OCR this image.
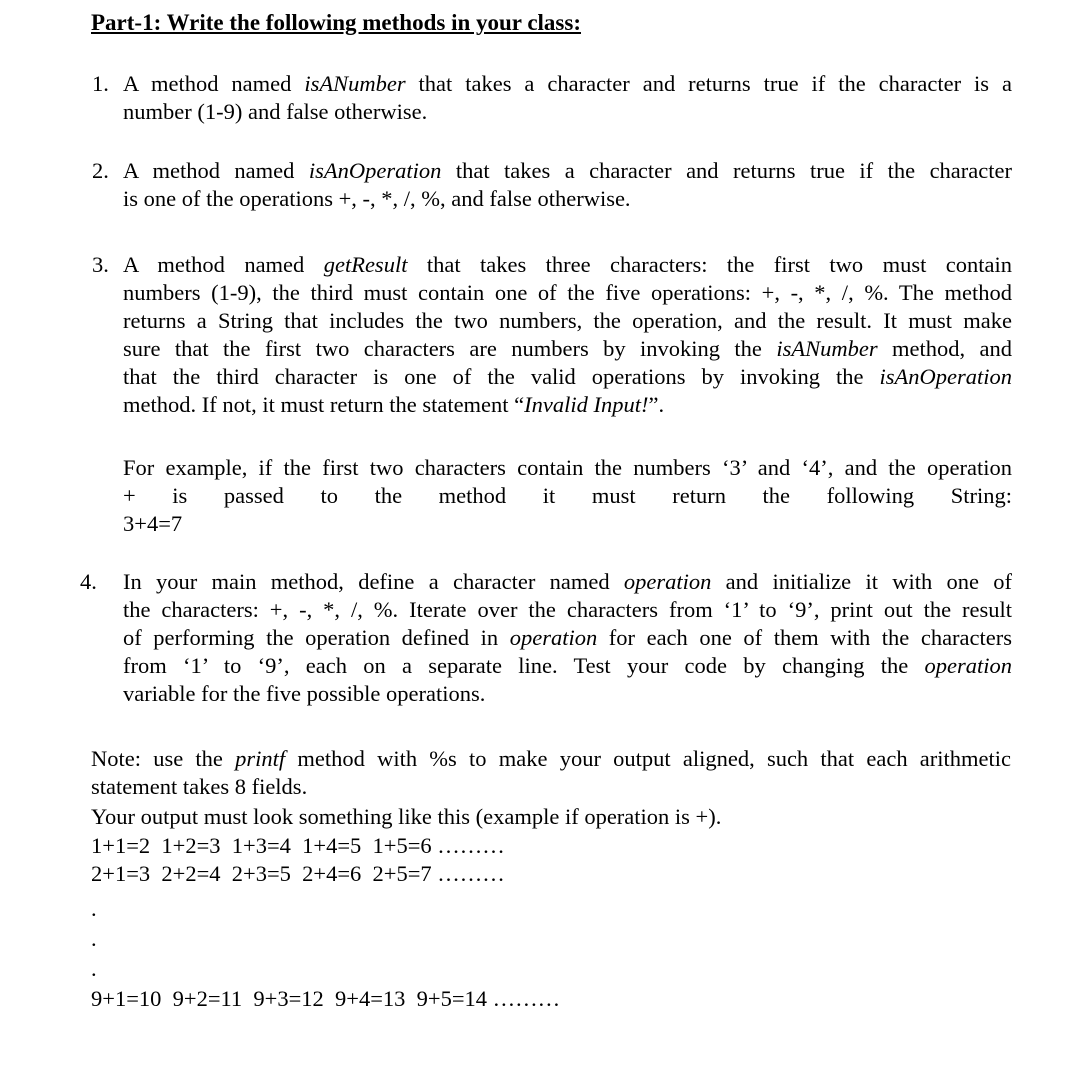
Part-1: Write the following methods in your class:
1. A method named isANumber that takes a character and returns true if the character is a
number (1-9) and false otherwise.
2. A method named isAnOperation that takes a character and returns true if the character
is one of the operations +, -, *, /, %, and false otherwise.
3. A method named getResult that takes three characters: the first two must contain
numbers (1-9), the third must contain one of the five operations: +, -, *, /, %. The method
returns a String that includes the two numbers, the operation, and the result. It must make
sure that the first two characters are numbers by invoking the isANumber method, and
that the third character is one of the valid operations by invoking the isAnOperation
method. If not, it must return the statement “Invalid Input!”.
For example, if the first two characters contain the numbers ‘3’ and ‘4’, and the operation
+ is passed to the method it must return the following String:
3+4=7
4. In your main method, define a character named operation and initialize it with one of
the characters: +, -, *, /, %. Iterate over the characters from ‘1’ to ‘9’, print out the result
of performing the operation defined in operation for each one of them with the characters
from ‘1’ to ‘9’, each on a separate line. Test your code by changing the operation
variable for the five possible operations.
Note: use the printf method with %s to make your output aligned, such that each arithmetic
statement takes 8 fields.
Your output must look something like this (example if operation is +).
1+1=2  1+2=3  1+3=4  1+4=5  1+5=6 ………
2+1=3  2+2=4  2+3=5  2+4=6  2+5=7 ………
.
.
.
9+1=10  9+2=11  9+3=12  9+4=13  9+5=14 ………
